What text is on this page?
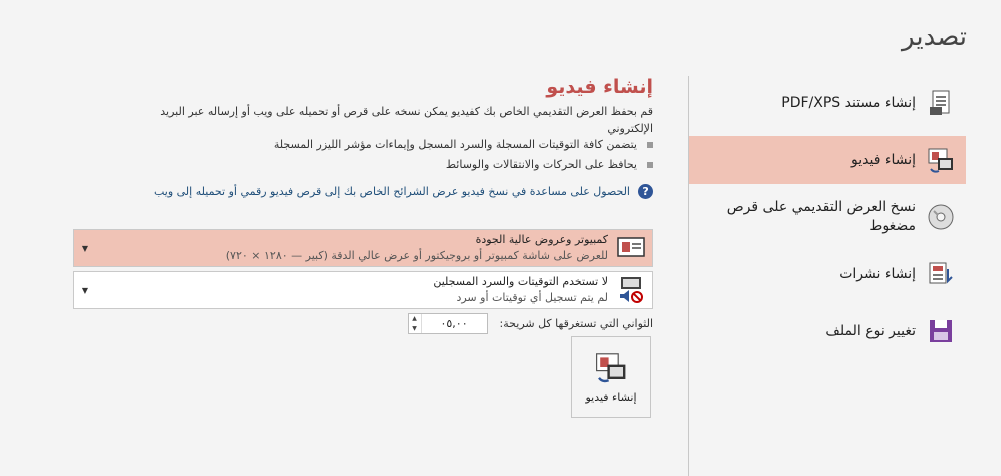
تصدير
إنشاء مستند PDF/XPS
إنشاء فيديو
نسخ العرض التقديمي على قرص مضغوط
إنشاء نشرات
تغيير نوع الملف
إنشاء فيديو
قم بحفظ العرض التقديمي الخاص بك كفيديو يمكن نسخه على قرص أو تحميله على ويب أو إرساله عبر البريد الإلكتروني
يتضمن كافة التوقيتات المسجلة والسرد المسجل وإيماءات مؤشر الليزر المسجلة
يحافظ على الحركات والانتقالات والوسائط
?
الحصول على مساعدة في نسخ فيديو عرض الشرائح الخاص بك إلى قرص فيديو رقمي أو تحميله إلى ويب
كمبيوتر وعروض عالية الجودة
للعرض على شاشة كمبيوتر أو بروجيكتور أو عرض عالي الدقة (كبير — ١٢٨٠ × ٧٢٠)
▼
لا تستخدم التوقيتات والسرد المسجلين
لم يتم تسجيل أي توقيتات أو سرد
▼
الثواني التي تستغرقها كل شريحة:
▲
▼	٠٥,٠٠
إنشاء فيديو
